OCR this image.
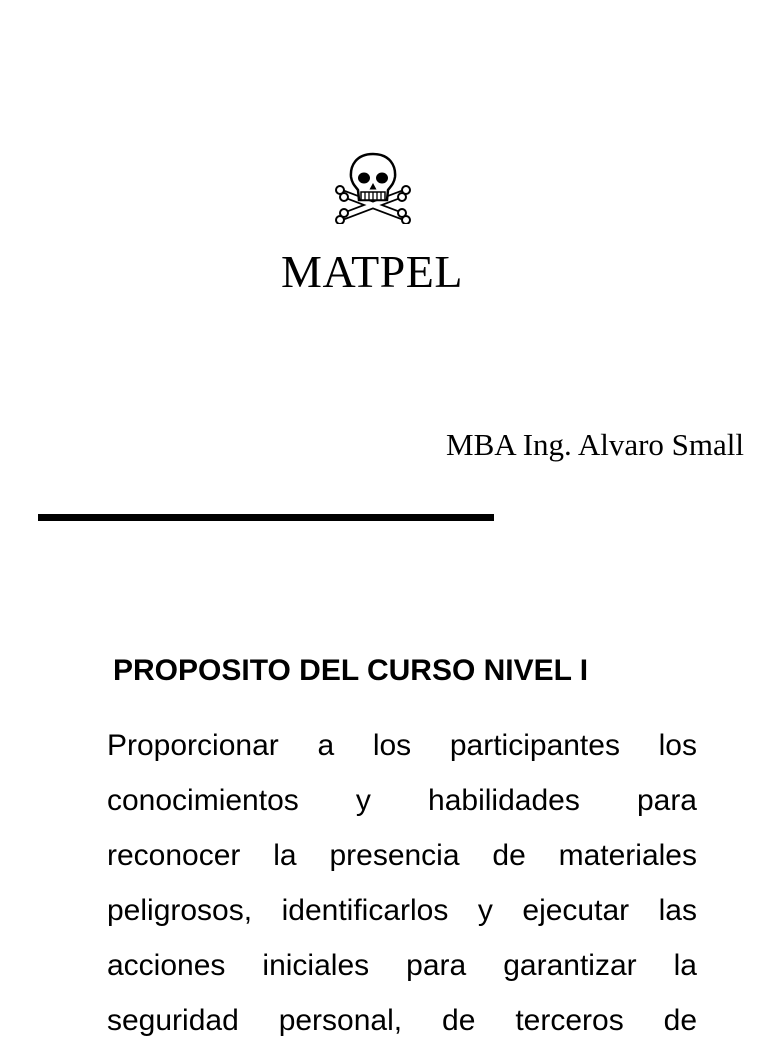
MATPEL
MBA Ing. Alvaro Small
PROPOSITO DEL CURSO NIVEL I
Proporcionar a los participantes los
conocimientos y habilidades para
reconocer la presencia de materiales
peligrosos, identificarlos y ejecutar las
acciones iniciales para garantizar la
seguridad personal, de terceros de
